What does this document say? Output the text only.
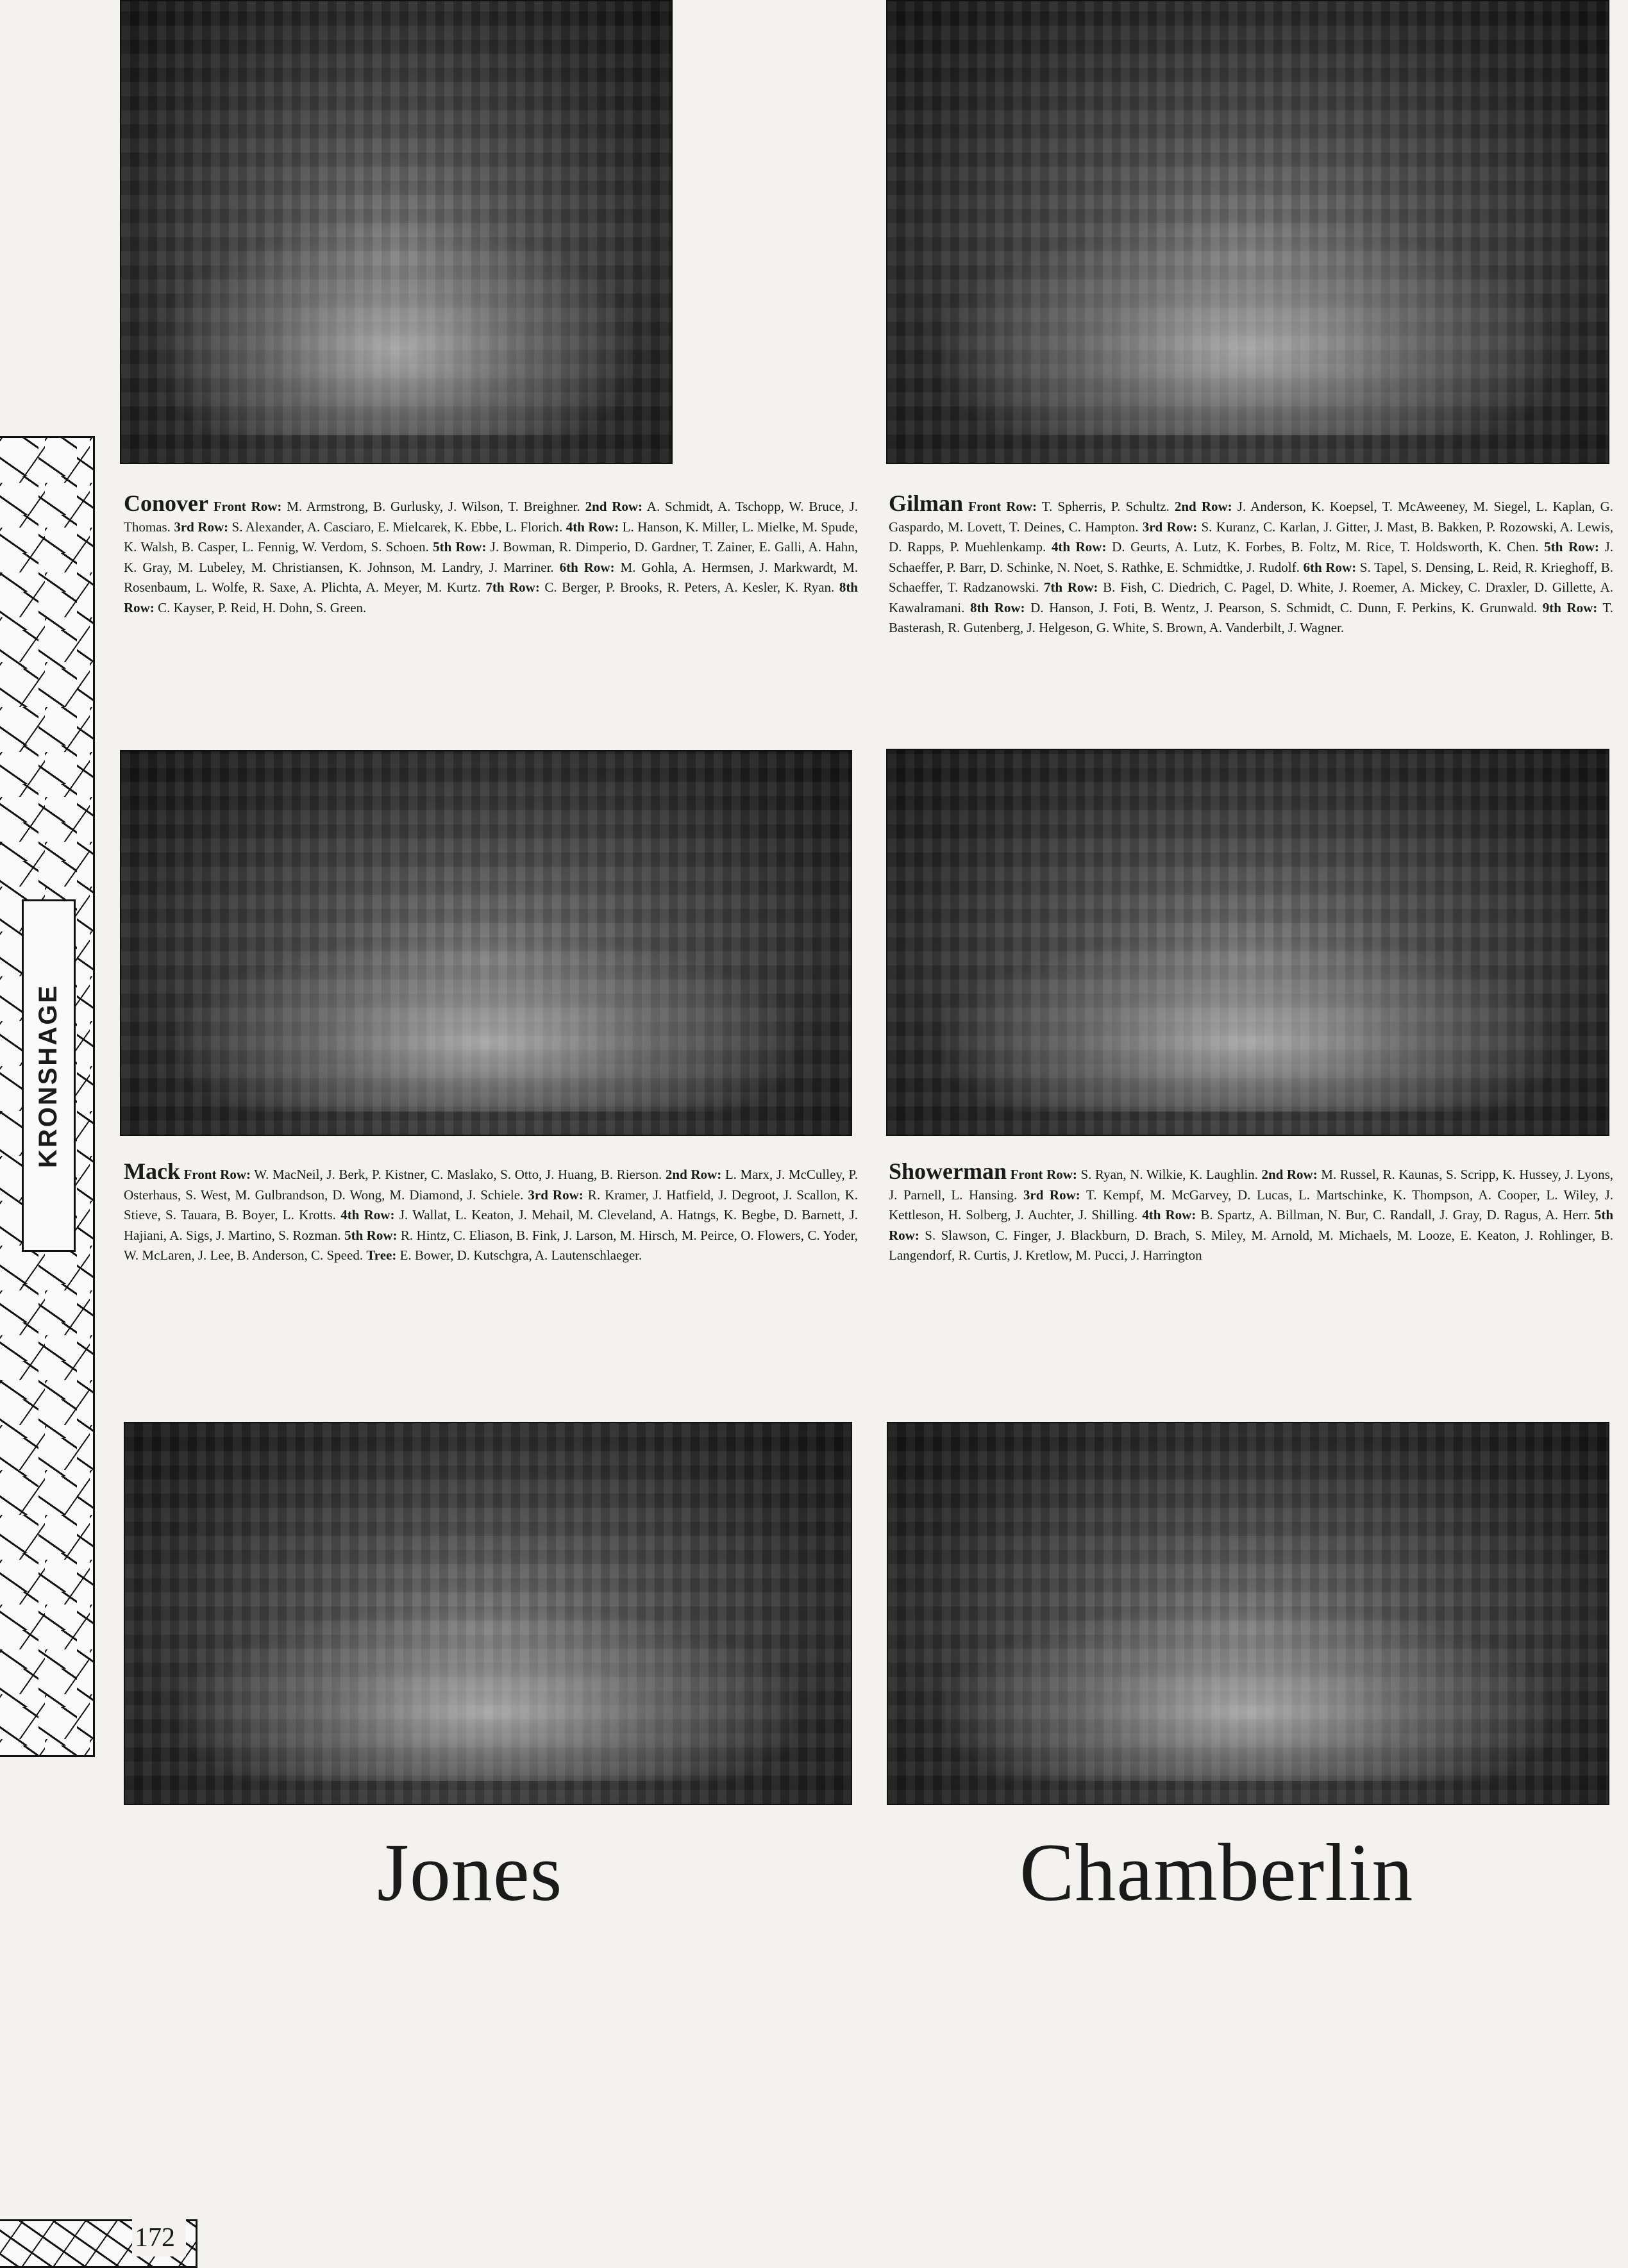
KRONSHAGE
Conover Front Row: M. Armstrong, B. Gurlusky, J. Wilson, T. Breighner. 2nd Row: A. Schmidt, A. Tschopp, W. Bruce, J. Thomas. 3rd Row: S. Alexander, A. Casciaro, E. Mielcarek, K. Ebbe, L. Florich. 4th Row: L. Hanson, K. Miller, L. Mielke, M. Spude, K. Walsh, B. Casper, L. Fennig, W. Verdom, S. Schoen. 5th Row: J. Bowman, R. Dimperio, D. Gardner, T. Zainer, E. Galli, A. Hahn, K. Gray, M. Lubeley, M. Christiansen, K. Johnson, M. Landry, J. Marriner. 6th Row: M. Gohla, A. Hermsen, J. Markwardt, M. Rosenbaum, L. Wolfe, R. Saxe, A. Plichta, A. Meyer, M. Kurtz. 7th Row: C. Berger, P. Brooks, R. Peters, A. Kesler, K. Ryan. 8th Row: C. Kayser, P. Reid, H. Dohn, S. Green.
Gilman Front Row: T. Spherris, P. Schultz. 2nd Row: J. Anderson, K. Koepsel, T. McAweeney, M. Siegel, L. Kaplan, G. Gaspardo, M. Lovett, T. Deines, C. Hampton. 3rd Row: S. Kuranz, C. Karlan, J. Gitter, J. Mast, B. Bakken, P. Rozowski, A. Lewis, D. Rapps, P. Muehlenkamp. 4th Row: D. Geurts, A. Lutz, K. Forbes, B. Foltz, M. Rice, T. Holdsworth, K. Chen. 5th Row: J. Schaeffer, P. Barr, D. Schinke, N. Noet, S. Rathke, E. Schmidtke, J. Rudolf. 6th Row: S. Tapel, S. Densing, L. Reid, R. Krieghoff, B. Schaeffer, T. Radzanowski. 7th Row: B. Fish, C. Diedrich, C. Pagel, D. White, J. Roemer, A. Mickey, C. Draxler, D. Gillette, A. Kawalramani. 8th Row: D. Hanson, J. Foti, B. Wentz, J. Pearson, S. Schmidt, C. Dunn, F. Perkins, K. Grunwald. 9th Row: T. Basterash, R. Gutenberg, J. Helgeson, G. White, S. Brown, A. Vanderbilt, J. Wagner.
Mack Front Row: W. MacNeil, J. Berk, P. Kistner, C. Maslako, S. Otto, J. Huang, B. Rierson. 2nd Row: L. Marx, J. McCulley, P. Osterhaus, S. West, M. Gulbrandson, D. Wong, M. Diamond, J. Schiele. 3rd Row: R. Kramer, J. Hatfield, J. Degroot, J. Scallon, K. Stieve, S. Tauara, B. Boyer, L. Krotts. 4th Row: J. Wallat, L. Keaton, J. Mehail, M. Cleveland, A. Hatngs, K. Begbe, D. Barnett, J. Hajiani, A. Sigs, J. Martino, S. Rozman. 5th Row: R. Hintz, C. Eliason, B. Fink, J. Larson, M. Hirsch, M. Peirce, O. Flowers, C. Yoder, W. McLaren, J. Lee, B. Anderson, C. Speed. Tree: E. Bower, D. Kutschgra, A. Lautenschlaeger.
Showerman Front Row: S. Ryan, N. Wilkie, K. Laughlin. 2nd Row: M. Russel, R. Kaunas, S. Scripp, K. Hussey, J. Lyons, J. Parnell, L. Hansing. 3rd Row: T. Kempf, M. McGarvey, D. Lucas, L. Martschinke, K. Thompson, A. Cooper, L. Wiley, J. Kettleson, H. Solberg, J. Auchter, J. Shilling. 4th Row: B. Spartz, A. Billman, N. Bur, C. Randall, J. Gray, D. Ragus, A. Herr. 5th Row: S. Slawson, C. Finger, J. Blackburn, D. Brach, S. Miley, M. Arnold, M. Michaels, M. Looze, E. Keaton, J. Rohlinger, B. Langendorf, R. Curtis, J. Kretlow, M. Pucci, J. Harrington
Jones	Chamberlin
172
